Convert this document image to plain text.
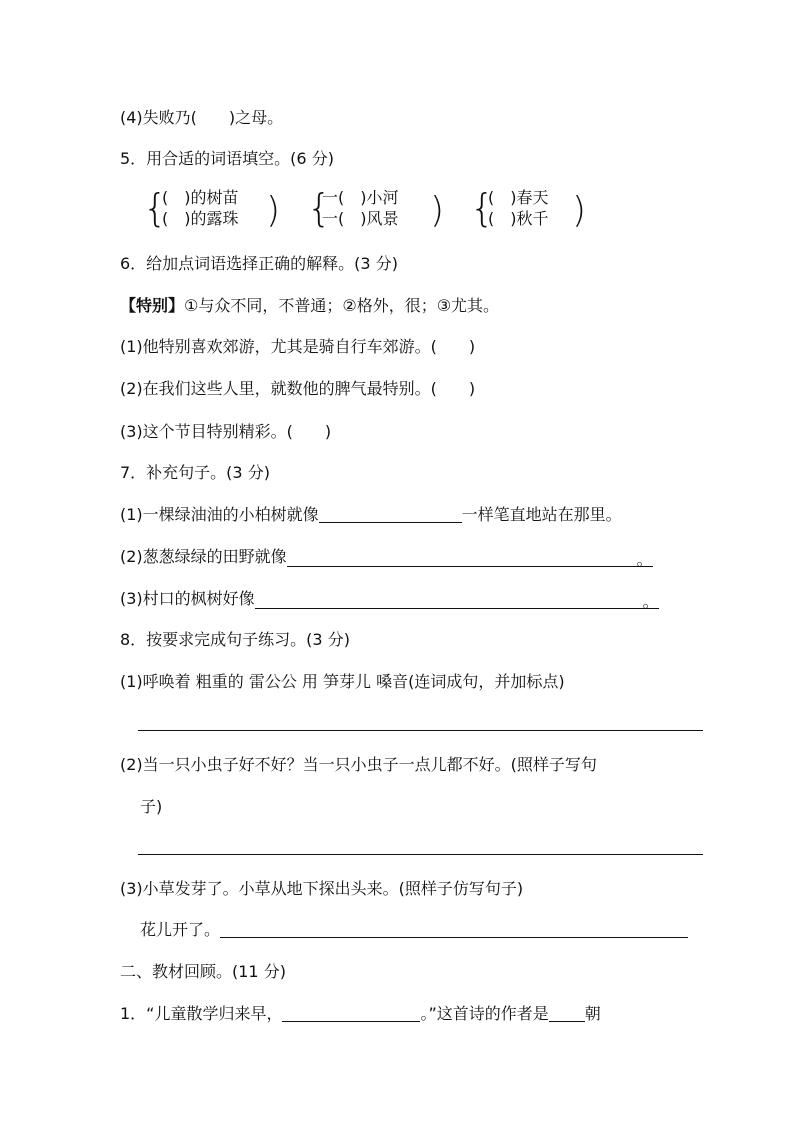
(4)失败乃(　　)之母。
5．用合适的词语填空。(6 分)
{
(　)的树苗
(　)的露珠 ) {
一(　)小河
一(　)风景 ) {
(　)春天
(　)秋千 )
6．给加点词语选择正确的解释。(3 分)
【特别】①与众不同，不普通；②格外，很；③尤其。
(1)他特别喜欢郊游，尤其是骑自行车郊游。(　　)
(2)在我们这些人里，就数他的脾气最特别。(　　)
(3)这个节目特别精彩。(　　)
7．补充句子。(3 分)
(1)一棵绿油油的小柏树就像	一样笔直地站在那里。
(2)葱葱绿绿的田野就像	。
(3)村口的枫树好像	。
8．按要求完成句子练习。(3 分)
(1)呼唤着 粗重的 雷公公 用 笋芽儿 嗓音(连词成句，并加标点)
(2)当一只小虫子好不好？当一只小虫子一点儿都不好。(照样子写句
子)
(3)小草发芽了。小草从地下探出头来。(照样子仿写句子)
花儿开了。
二、教材回顾。(11 分)
1．“儿童散学归来早，	。”这首诗的作者是 朝
